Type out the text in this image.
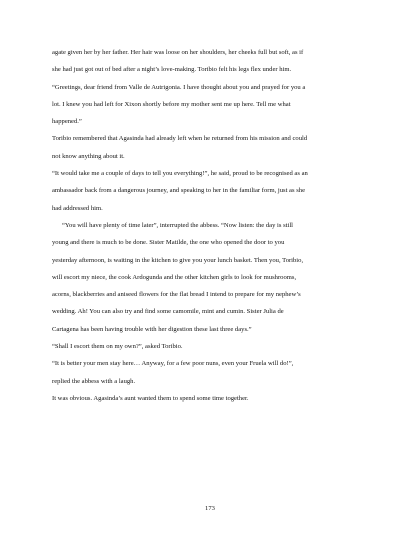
agate given her by her father. Her hair was loose on her shoulders, her cheeks full but soft, as if
she had just got out of bed after a night’s love-making. Toribio felt his legs flex under him.
“Greetings, dear friend from Valle de Autrigonia. I have thought about you and prayed for you a
lot. I knew you had left for Xixon shortly before my mother sent me up here. Tell me what
happened.”
Toribio remembered that Agasinda had already left when he returned from his mission and could
not know anything about it.
“It would take me a couple of days to tell you everything!”, he said, proud to be recognised as an
ambassador back from a dangerous journey, and speaking to her in the familiar form, just as she
had addressed him.
“You will have plenty of time later”, interrupted the abbess. “Now listen: the day is still
young and there is much to be done. Sister Matilde, the one who opened the door to you
yesterday afternoon, is waiting in the kitchen to give you your lunch basket. Then you, Toribio,
will escort my niece, the cook Ardogunda and the other kitchen girls to look for mushrooms,
acorns, blackberries and aniseed flowers for the flat bread I intend to prepare for my nephew’s
wedding. Ah! You can also try and find some camomile, mint and cumin. Sister Julia de
Cartagena has been having trouble with her digestion these last three days.”
“Shall I escort them on my own?”, asked Toribio.
“It is better your men stay here… Anyway, for a few poor nuns, even your Fruela will do!”,
replied the abbess with a laugh.
It was obvious. Agasinda’s aunt wanted them to spend some time together.
173
